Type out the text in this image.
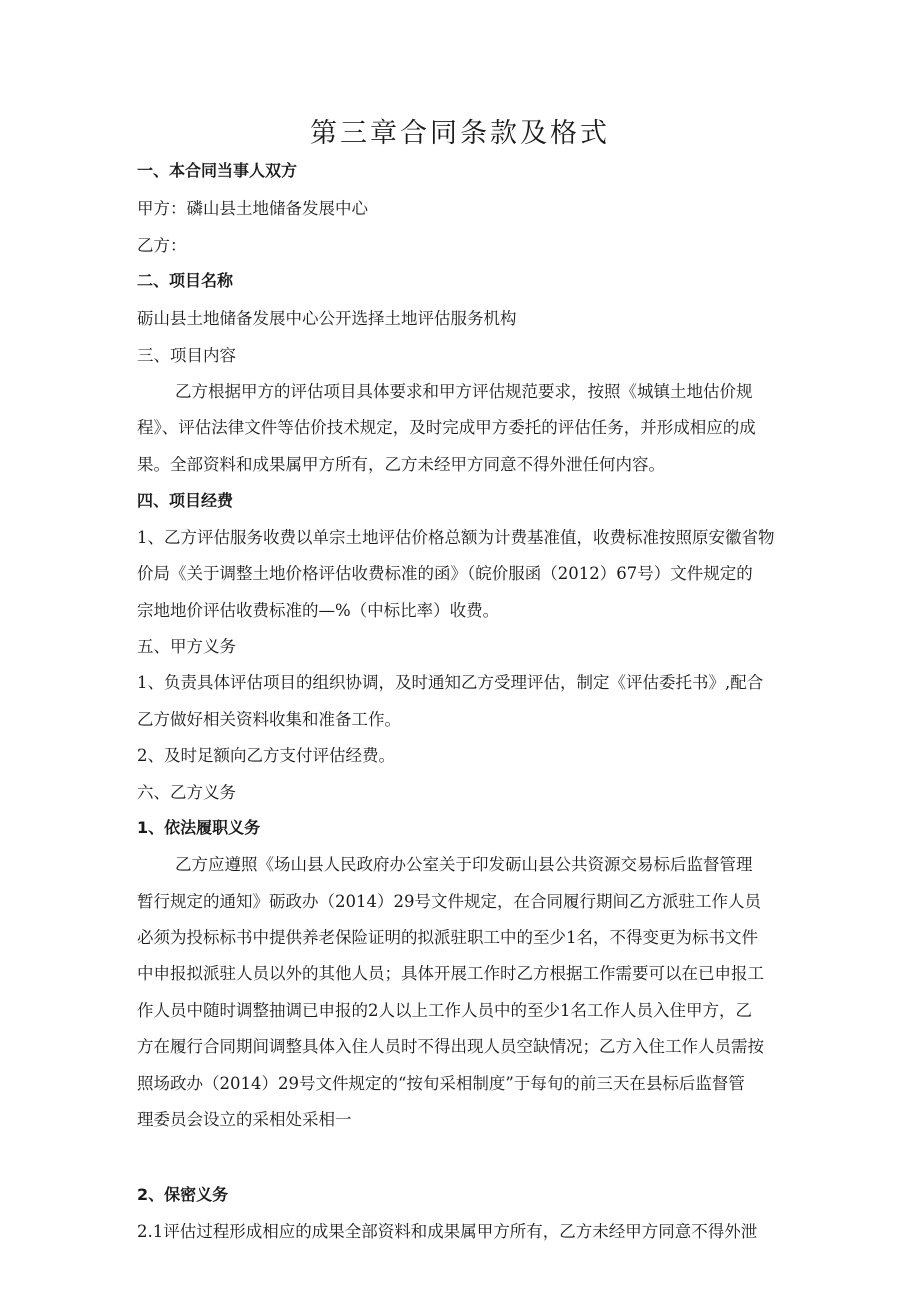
第三章合同条款及格式

一、本合同当事人双方

甲方：磷山县土地储备发展中心

乙方：

二、项目名称

砺山县土地储备发展中心公开选择土地评估服务机构

三、项目内容

乙方根据甲方的评估项目具体要求和甲方评估规范要求，按照《城镇土地估价规

程》、评估法律文件等估价技术规定，及时完成甲方委托的评估任务，并形成相应的成

果。全部资料和成果属甲方所有，乙方未经甲方同意不得外泄任何内容。

四、项目经费

1、乙方评估服务收费以单宗土地评估价格总额为计费基准值，收费标准按照原安徽省物

价局《关于调整土地价格评估收费标准的函》（皖价服函（2012）67号）文件规定的

宗地地价评估收费标准的—%（中标比率）收费。

五、甲方义务

1、负责具体评估项目的组织协调，及时通知乙方受理评估，制定《评估委托书》,配合

乙方做好相关资料收集和准备工作。

2、及时足额向乙方支付评估经费。

六、乙方义务

1、依法履职义务

乙方应遵照《场山县人民政府办公室关于印发砺山县公共资源交易标后监督管理

暂行规定的通知》砺政办（2014）29号文件规定，在合同履行期间乙方派驻工作人员

必须为投标标书中提供养老保险证明的拟派驻职工中的至少1名，不得变更为标书文件

中申报拟派驻人员以外的其他人员；具体开展工作时乙方根据工作需要可以在已申报工

作人员中随时调整抽调已申报的2人以上工作人员中的至少1名工作人员入住甲方，乙

方在履行合同期间调整具体入住人员时不得出现人员空缺情况；乙方入住工作人员需按

照场政办（2014）29号文件规定的“按旬采相制度”于每旬的前三天在县标后监督管

理委员会设立的采相处采相一

2、保密义务

2.1评估过程形成相应的成果全部资料和成果属甲方所有，乙方未经甲方同意不得外泄
